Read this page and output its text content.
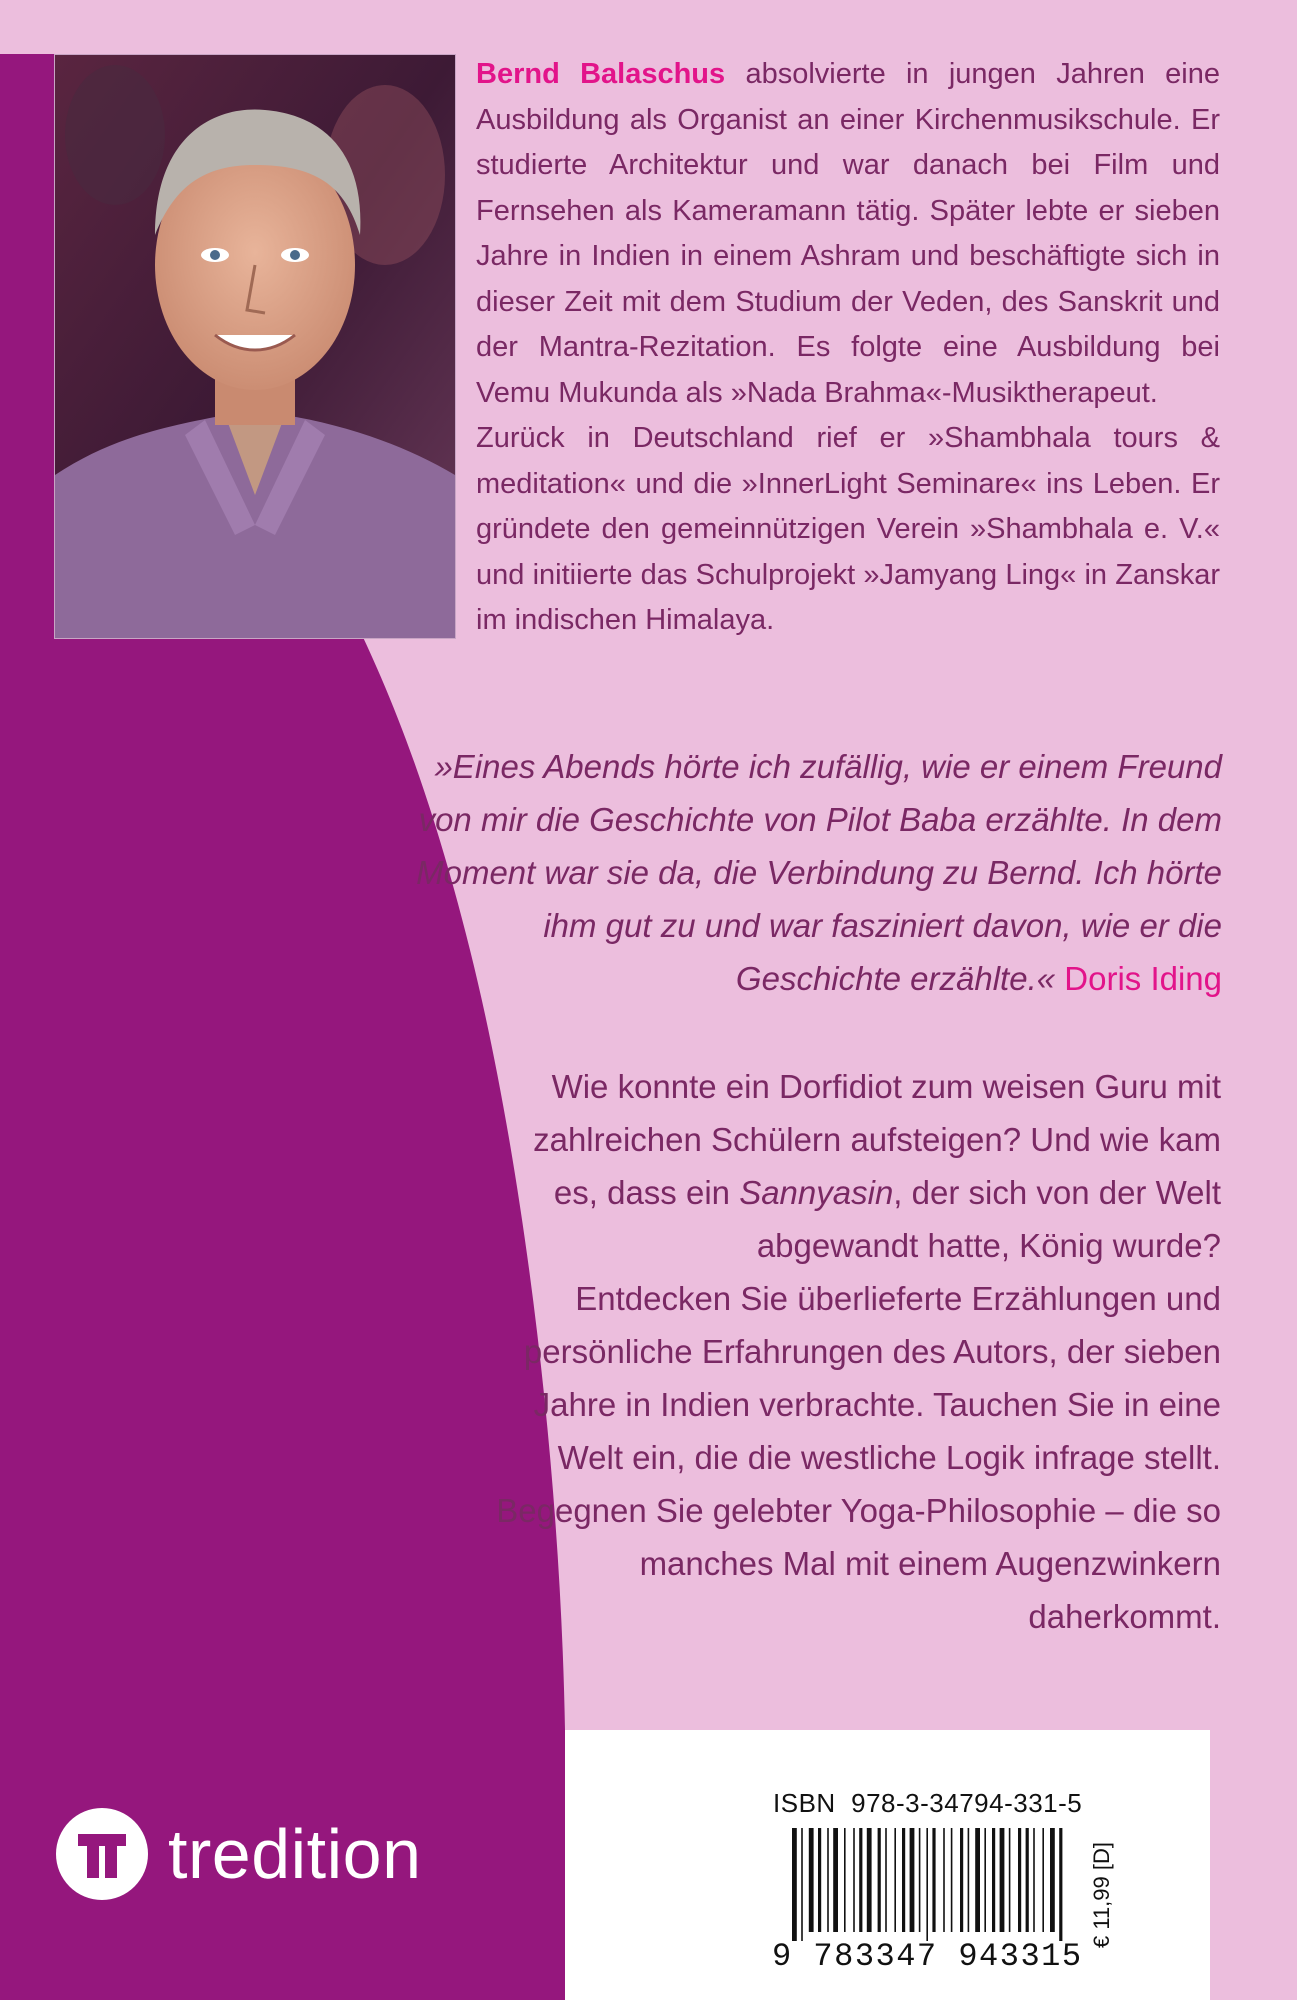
Bernd Balaschus absolvierte in jungen Jahren eine Ausbildung als Organist an einer Kirchenmusikschule. Er studierte Architektur und war danach bei Film und Fernsehen als Kameramann tätig. Später lebte er sieben Jahre in Indien in einem Ashram und beschäftigte sich in dieser Zeit mit dem Studium der Veden, des Sanskrit und der Mantra-Rezitation. Es folgte eine Ausbildung bei Vemu Mukunda als »Nada Brahma«-Musiktherapeut.

Zurück in Deutschland rief er »Shambhala tours & meditation« und die »InnerLight Seminare« ins Leben. Er gründete den gemeinnützigen Verein »Shambhala e. V.« und initiierte das Schulprojekt »Jamyang Ling« in Zanskar im indischen Himalaya.

»Eines Abends hörte ich zufällig, wie er einem Freund von mir die Geschichte von Pilot Baba erzählte. In dem Moment war sie da, die Verbindung zu Bernd. Ich hörte ihm gut zu und war fasziniert davon, wie er die Geschichte erzählte.« Doris Iding

Wie konnte ein Dorfidiot zum weisen Guru mit zahlreichen Schülern aufsteigen? Und wie kam es, dass ein Sannyasin, der sich von der Welt abgewandt hatte, König wurde?

Entdecken Sie überlieferte Erzählungen und persönliche Erfahrungen des Autors, der sieben Jahre in Indien verbrachte. Tauchen Sie in eine Welt ein, die die westliche Logik infrage stellt. Begegnen Sie gelebter Yoga-Philosophie – die so manches Mal mit einem Augenzwinkern daherkommt.

tredition
ISBN  978-3-34794-331-5
9 783347 943315
€ 11,99 [D]
